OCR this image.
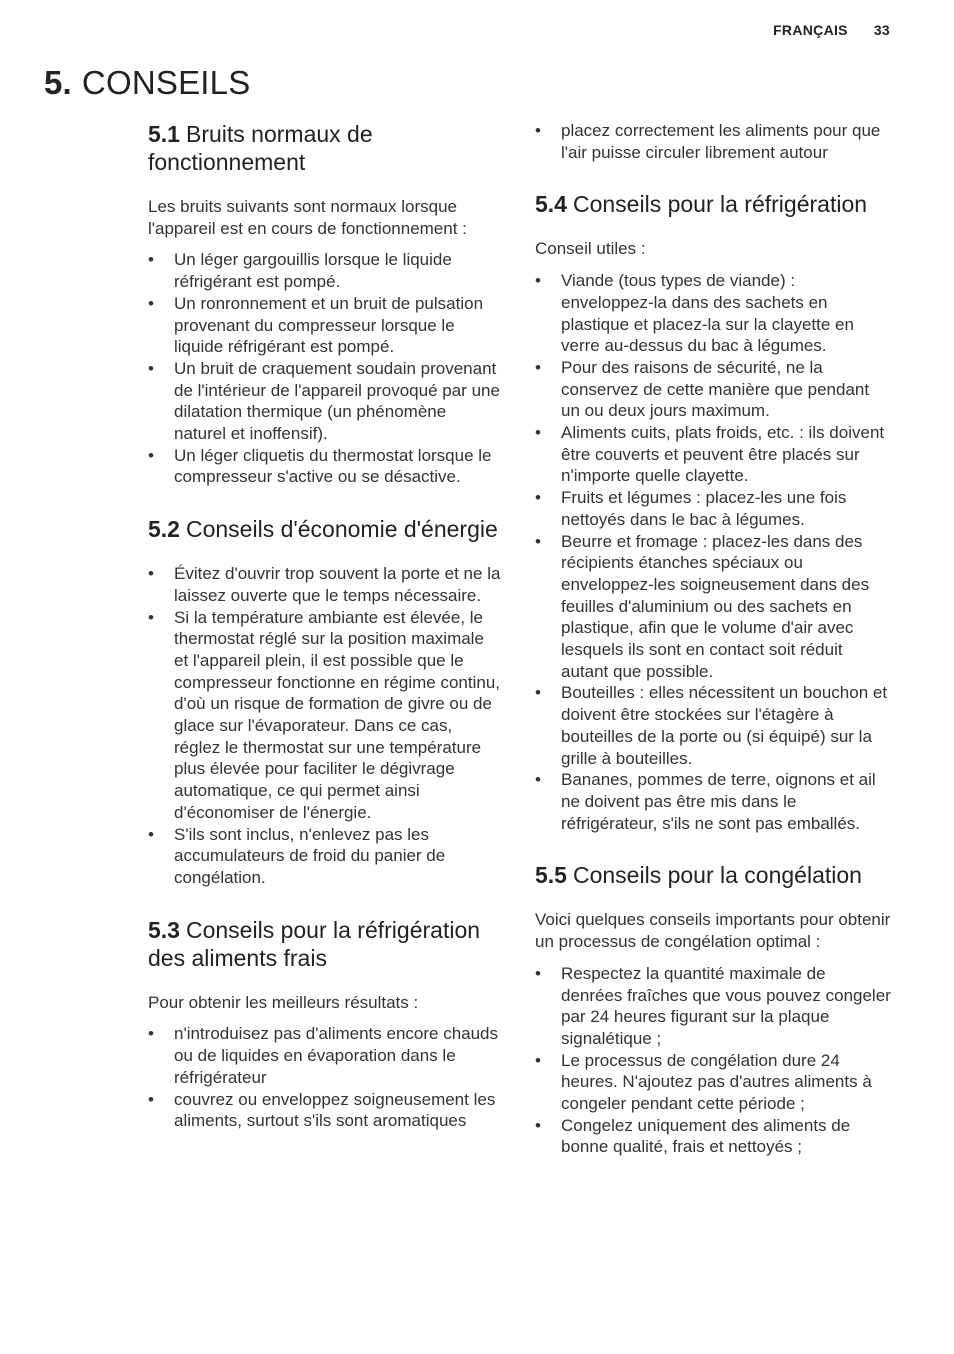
FRANÇAIS 33
5. CONSEILS
5.1 Bruits normaux de fonctionnement

Les bruits suivants sont normaux lorsque l'appareil est en cours de fonctionnement :

•	Un léger gargouillis lorsque le liquide réfrigérant est pompé.
•	Un ronronnement et un bruit de pulsation provenant du compresseur lorsque le liquide réfrigérant est pompé.
•	Un bruit de craquement soudain provenant de l'intérieur de l'appareil provoqué par une dilatation thermique (un phénomène naturel et inoffensif).
•	Un léger cliquetis du thermostat lorsque le compresseur s'active ou se désactive.
5.2 Conseils d'économie d'énergie
•	Évitez d'ouvrir trop souvent la porte et ne la laissez ouverte que le temps nécessaire.
•	Si la température ambiante est élevée, le thermostat réglé sur la position maximale et l'appareil plein, il est possible que le compresseur fonctionne en régime continu, d'où un risque de formation de givre ou de glace sur l'évaporateur. Dans ce cas, réglez le thermostat sur une température plus élevée pour faciliter le dégivrage automatique, ce qui permet ainsi d'économiser de l'énergie.
•	S'ils sont inclus, n'enlevez pas les accumulateurs de froid du panier de congélation.
5.3 Conseils pour la réfrigération des aliments frais

Pour obtenir les meilleurs résultats :

•	n'introduisez pas d'aliments encore chauds ou de liquides en évaporation dans le réfrigérateur
•	couvrez ou enveloppez soigneusement les aliments, surtout s'ils sont aromatiques
•	placez correctement les aliments pour que l'air puisse circuler librement autour
5.4 Conseils pour la réfrigération

Conseil utiles :

•	Viande (tous types de viande) : enveloppez-la dans des sachets en plastique et placez-la sur la clayette en verre au-dessus du bac à légumes.
•	Pour des raisons de sécurité, ne la conservez de cette manière que pendant un ou deux jours maximum.
•	Aliments cuits, plats froids, etc. : ils doivent être couverts et peuvent être placés sur n'importe quelle clayette.
•	Fruits et légumes : placez-les une fois nettoyés dans le bac à légumes.
•	Beurre et fromage : placez-les dans des récipients étanches spéciaux ou enveloppez-les soigneusement dans des feuilles d'aluminium ou des sachets en plastique, afin que le volume d'air avec lesquels ils sont en contact soit réduit autant que possible.
•	Bouteilles : elles nécessitent un bouchon et doivent être stockées sur l'étagère à bouteilles de la porte ou (si équipé) sur la grille à bouteilles.
•	Bananes, pommes de terre, oignons et ail ne doivent pas être mis dans le réfrigérateur, s'ils ne sont pas emballés.
5.5 Conseils pour la congélation

Voici quelques conseils importants pour obtenir un processus de congélation optimal :

•	Respectez la quantité maximale de denrées fraîches que vous pouvez congeler par 24 heures figurant sur la plaque signalétique ;
•	Le processus de congélation dure 24 heures. N'ajoutez pas d'autres aliments à congeler pendant cette période ;
•	Congelez uniquement des aliments de bonne qualité, frais et nettoyés ;
